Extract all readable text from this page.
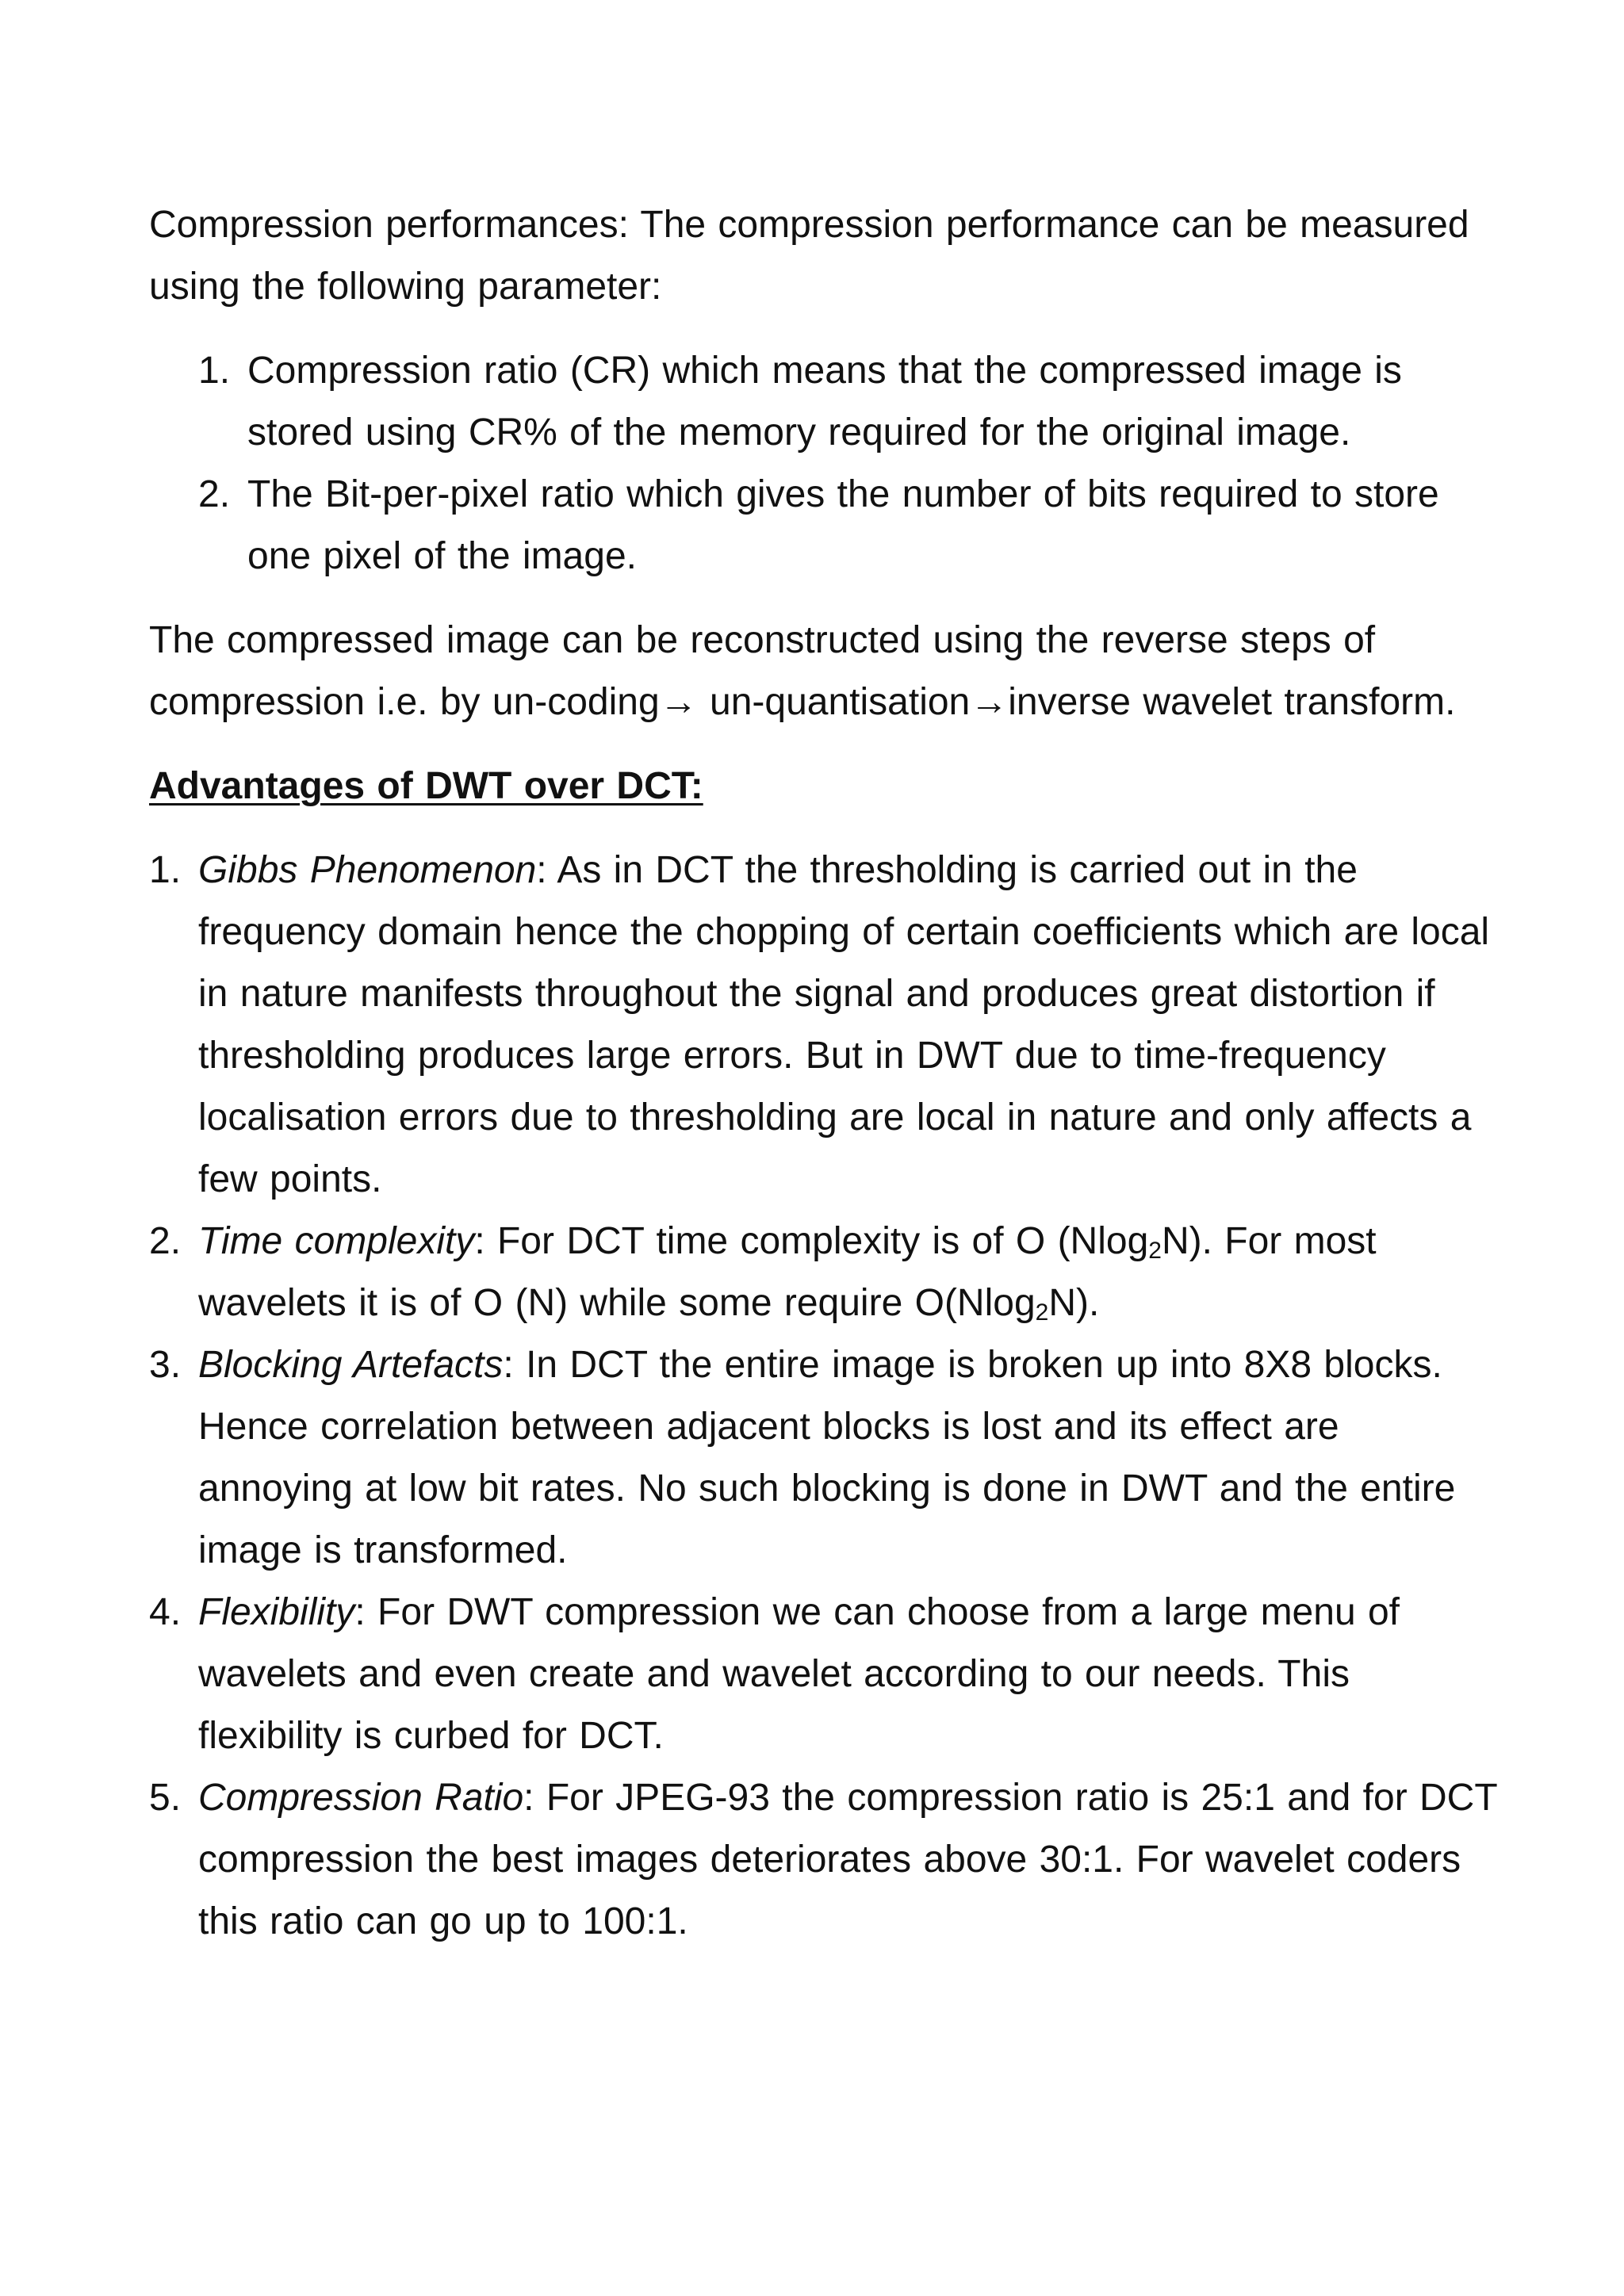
Compression performances: The compression performance can be measured using the following parameter:

1. Compression ratio (CR) which means that the compressed image is stored using CR% of the memory required for the original image.
2. The Bit-per-pixel ratio which gives the number of bits required to store one pixel of the image.

The compressed image can be reconstructed using the reverse steps of compression i.e. by un-coding→ un-quantisation→inverse wavelet transform.

Advantages of DWT over DCT:

1. Gibbs Phenomenon: As in DCT the thresholding is carried out in the frequency domain hence the chopping of certain coefficients which are local in nature manifests throughout the signal and produces great distortion if thresholding produces large errors. But in DWT due to time-frequency localisation errors due to thresholding are local in nature and only affects a few points.
2. Time complexity: For DCT time complexity is of O (Nlog$_2$N). For most wavelets it is of O (N) while some require O(Nlog$_2$N).
3. Blocking Artefacts: In DCT the entire image is broken up into 8X8 blocks. Hence correlation between adjacent blocks is lost and its effect are annoying at low bit rates. No such blocking is done in DWT and the entire image is transformed.
4. Flexibility: For DWT compression we can choose from a large menu of wavelets and even create and wavelet according to our needs. This flexibility is curbed for DCT.
5. Compression Ratio: For JPEG-93 the compression ratio is 25:1 and for DCT compression the best images deteriorates above 30:1. For wavelet coders this ratio can go up to 100:1.
